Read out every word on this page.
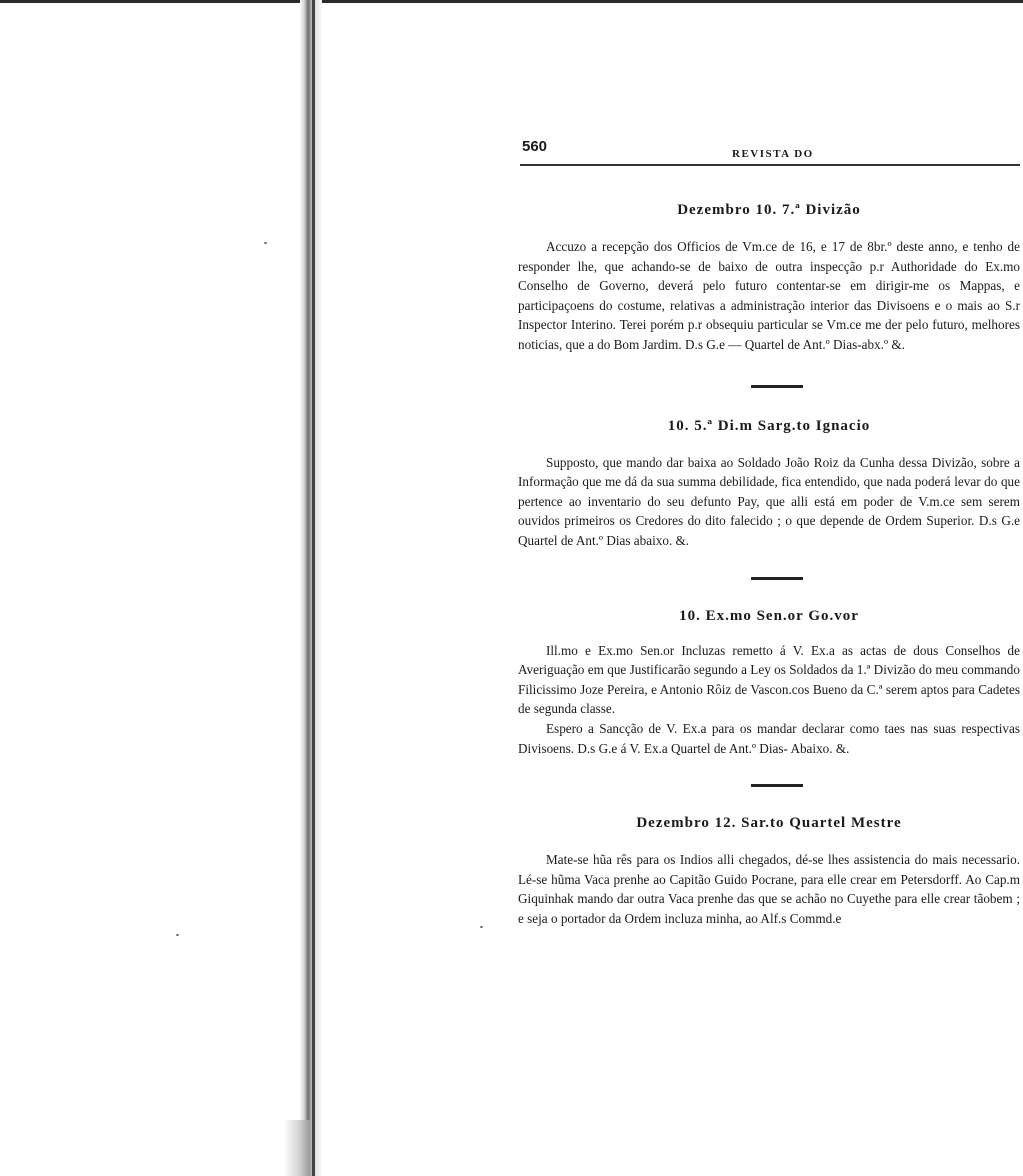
560	REVISTA DO
Dezembro 10. 7.ª Divizão

Accuzo a recepção dos Officios de Vm.ce de 16, e 17 de 8br.º deste anno, e tenho de responder lhe, que achando-se de baixo de outra inspecção p.r Authoridade do Ex.mo Conselho de Governo, deverá pelo futuro contentar-se em dirigir-me os Mappas, e participaçoens do costume, relativas a administração interior das Divisoens e o mais ao S.r Inspector Interino. Terei porém p.r obsequiu particular se Vm.ce me der pelo futuro, melhores noticias, que a do Bom Jardim. D.s G.e — Quartel de Ant.º Dias-abx.º &.

10. 5.ª Di.m Sarg.to Ignacio

Supposto, que mando dar baixa ao Soldado João Roiz da Cunha dessa Divizão, sobre a Informação que me dá da sua summa debilidade, fica entendido, que nada poderá levar do que pertence ao inventario do seu defunto Pay, que alli está em poder de V.m.ce sem serem ouvidos primeiros os Credores do dito falecido ; o que depende de Ordem Superior. D.s G.e Quartel de Ant.º Dias abaixo. &.

10. Ex.mo Sen.or Go.vor

Ill.mo e Ex.mo Sen.or Incluzas remetto á V. Ex.a as actas de dous Conselhos de Averiguação em que Justificarão segundo a Ley os Soldados da 1.ª Divizão do meu commando Filicissimo Joze Pereira, e Antonio Rôiz de Vascon.cos Bueno da C.ª serem aptos para Cadetes de segunda classe.

Espero a Sancção de V. Ex.a para os mandar declarar como taes nas suas respectivas Divisoens. D.s G.e á V. Ex.a Quartel de Ant.º Dias- Abaixo. &.

Dezembro 12. Sar.to Quartel Mestre

Mate-se hũa rês para os Indios alli chegados, dé-se lhes assistencia do mais necessario. Lé-se hũma Vaca prenhe ao Capitão Guido Pocrane, para elle crear em Petersdorff. Ao Cap.m Giquinhak mando dar outra Vaca prenhe das que se achão no Cuyethe para elle crear tãobem ; e seja o portador da Ordem incluza minha, ao Alf.s Commd.e
